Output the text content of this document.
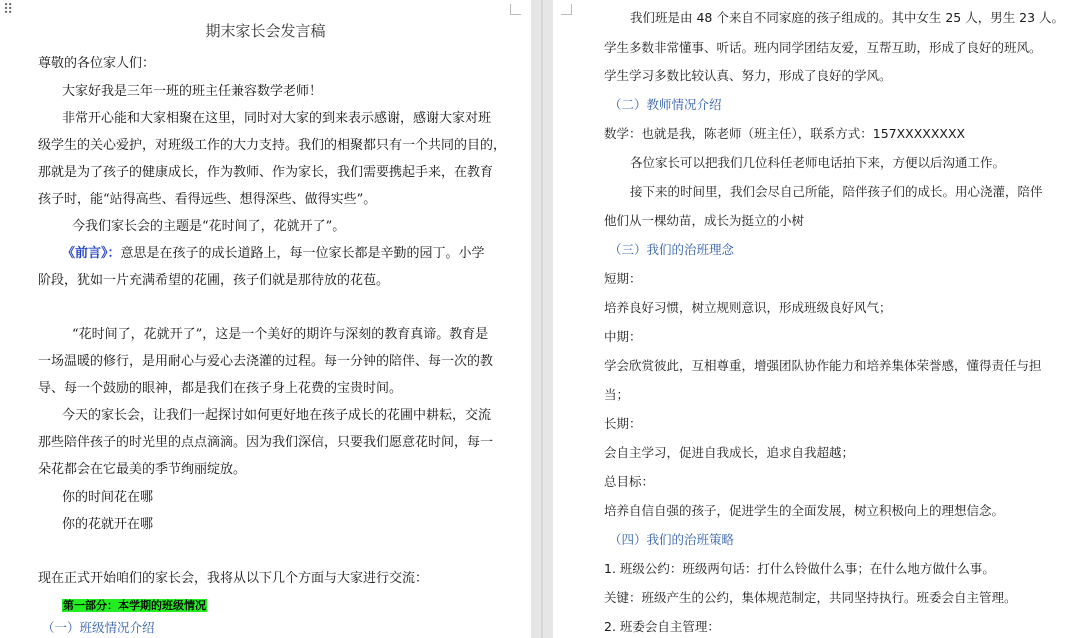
⠿
期末家长会发言稿
尊敬的各位家人们：
大家好我是三年一班的班主任兼容数学老师！
非常开心能和大家相聚在这里，同时对大家的到来表示感谢，感谢大家对班
级学生的关心爱护，对班级工作的大力支持。我们的相聚都只有一个共同的目的，
那就是为了孩子的健康成长，作为教师、作为家长，我们需要携起手来，在教育
孩子时，能“站得高些、看得远些、想得深些、做得实些”。
今我们家长会的主题是“花时间了，花就开了”。
《前言》：意思是在孩子的成长道路上，每一位家长都是辛勤的园丁。小学
阶段，犹如一片充满希望的花圃，孩子们就是那待放的花苞。
“花时间了，花就开了”，这是一个美好的期许与深刻的教育真谛。教育是
一场温暖的修行，是用耐心与爱心去浇灌的过程。每一分钟的陪伴、每一次的教
导、每一个鼓励的眼神，都是我们在孩子身上花费的宝贵时间。
今天的家长会，让我们一起探讨如何更好地在孩子成长的花圃中耕耘，交流
那些陪伴孩子的时光里的点点滴滴。因为我们深信，只要我们愿意花时间，每一
朵花都会在它最美的季节绚丽绽放。
你的时间花在哪
你的花就开在哪
现在正式开始咱们的家长会，我将从以下几个方面与大家进行交流：
第一部分：本学期的班级情况
（一）班级情况介绍
我们班是由 48 个来自不同家庭的孩子组成的。其中女生 25 人，男生 23 人。
学生多数非常懂事、听话。班内同学团结友爱，互帮互助，形成了良好的班风。
学生学习多数比较认真、努力，形成了良好的学风。
（二）教师情况介绍
数学：也就是我，陈老师（班主任），联系方式：157XXXXXXXX
各位家长可以把我们几位科任老师电话拍下来，方便以后沟通工作。
接下来的时间里，我们会尽自己所能，陪伴孩子们的成长。用心浇灌，陪伴
他们从一棵幼苗，成长为挺立的小树
（三）我们的治班理念
短期：
培养良好习惯，树立规则意识，形成班级良好风气；
中期：
学会欣赏彼此，互相尊重，增强团队协作能力和培养集体荣誉感，懂得责任与担
当；
长期：
会自主学习，促进自我成长，追求自我超越；
总目标：
培养自信自强的孩子，促进学生的全面发展，树立积极向上的理想信念。
（四）我们的治班策略
1. 班级公约：班级两句话：打什么铃做什么事；在什么地方做什么事。
关键：班级产生的公约，集体规范制定，共同坚持执行。班委会自主管理。
2. 班委会自主管理：
